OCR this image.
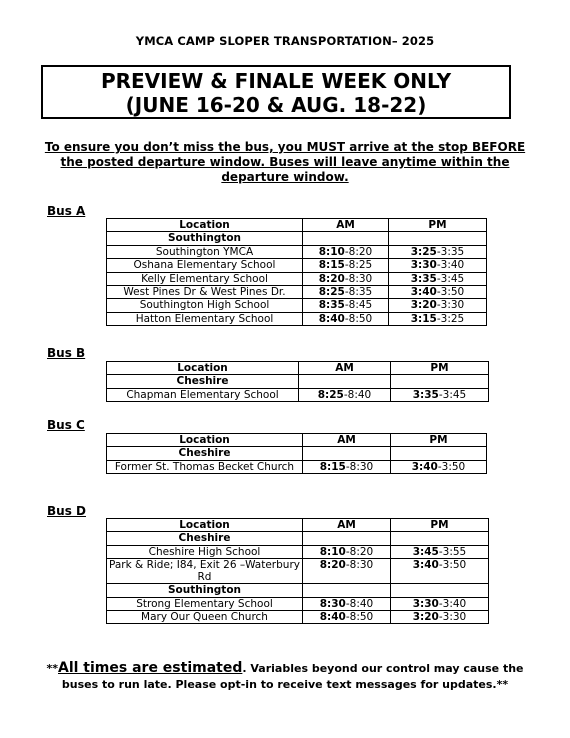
YMCA CAMP SLOPER TRANSPORTATION– 2025
PREVIEW & FINALE WEEK ONLY
(JUNE 16-20 & AUG. 18-22)
To ensure you don’t miss the bus, you MUST arrive at the stop BEFORE the posted departure window. Buses will leave anytime within the departure window.
Bus A
Location	AM	PM
Southington		
Southington YMCA	8:10-8:20	3:25-3:35
Oshana Elementary School	8:15-8:25	3:30-3:40
Kelly Elementary School	8:20-8:30	3:35-3:45
West Pines Dr & West Pines Dr.	8:25-8:35	3:40-3:50
Southington High School	8:35-8:45	3:20-3:30
Hatton Elementary School	8:40-8:50	3:15-3:25
Bus B
Location	AM	PM
Cheshire		
Chapman Elementary School	8:25-8:40	3:35-3:45
Bus C
Location	AM	PM
Cheshire		
Former St. Thomas Becket Church	8:15-8:30	3:40-3:50
Bus D
Location	AM	PM
Cheshire		
Cheshire High School	8:10-8:20	3:45-3:55
Park & Ride; I84, Exit 26 –Waterbury Rd	8:20-8:30	3:40-3:50
Southington		
Strong Elementary School	8:30-8:40	3:30-3:40
Mary Our Queen Church	8:40-8:50	3:20-3:30
**All times are estimated. Variables beyond our control may cause the buses to run late. Please opt-in to receive text messages for updates.**
